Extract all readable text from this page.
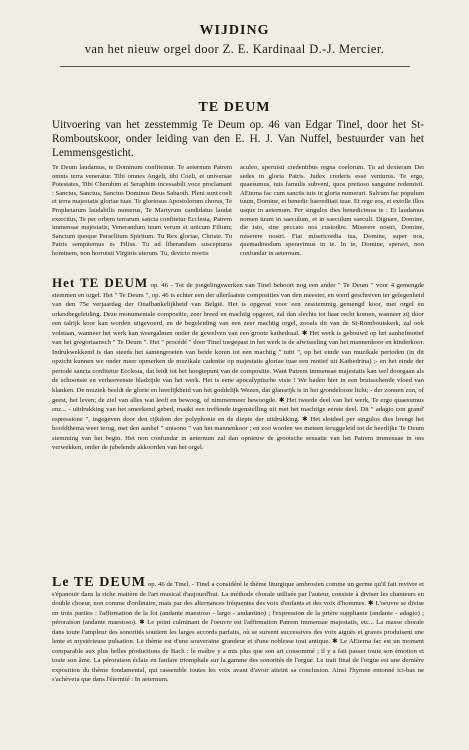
WIJDING
van het nieuw orgel door Z. E. Kardinaal D.-J. Mercier.
TE DEUM
Uitvoering van het zesstemmig Te Deum op. 46 van Edgar Tinel, door het St-Romboutskoor, onder leiding van den E. H. J. Van Nuffel, bestuurder van het Lemmensgesticht.
Te Deum laudamus, te Dominum confitemur. Te aeternum Patrem omnis terra veneratur. Tibi omnes Angeli, tibi Coeli, et universae Potestates, Tibi Cherubim et Seraphim incessabili voce proclamant : Sanctus, Sanctus, Sanctus Dominus Deus Sabaoth. Pleni sunt coeli et terra majestatis gloriae tuae. Te gloriosus Apostolorum chorus, Te Prophetarum laudabilis numerus, Te Martyrum candidatus laudat exercitus, Te per orbem terrarum sancta confitetur Ecclesia, Patrem immensae majestatis; Venerandum tuum verum et unicum Filium; Sanctum quoque Paraclitum Spiritum. Tu Rex gloriae, Christe. Tu Patris sempiternus es Filius. Tu ad liberandum suscepturus hominem, non horruisti Virginis uterum. Tu, devicto mortis
aculeo, aperuisti credentibus regna coelorum. Tu ad dexteram Dei sedes in gloria Patris. Judex crederis esse venturus. Te ergo, quaesumus, tuis famulis subveni, quos pretioso sanguine redemisti. AEterna fac cum sanctis tuis in gloria numerari. Salvum fac populum tuum, Domine, et benedic haereditati tuae. Et rege eos, et extolle illos usque in aeternum. Per singulos dies benedicimus te : Et laudamus nomen tuum in saeculum, et in saeculum saeculi. Dignare, Domine, die isto, sine peccato nos custodire. Miserere nostri, Domine, miserere nostri. Fiat misericordia tua, Domine, super nos, quemadmodum speravimus in te. In te, Domine, speravi, non confundar in aeternum.
Het TE DEUM op. 46 - Tot de jongelingswerken van Tinel behoort nog een ander " Te Deum " voor 4 gemengde stemmen en orgel. Het " Te Deum ", op. 46 is echter een der allerlaatste composities van den meester, en werd geschreven ter gelegenheid van den 75e verjaardag der Onafhankelijkheid van België. Het is opgevat voor een zesstemmig gemengd koor, met orgel en orkestbegeleiding. Deze monumentale compositie, zeer breed en machtig opgezet, zal dan slechts tot haar recht komen, wanneer zij door een talrijk koor kan worden uitgevoerd, en de begeleiding van een zeer machtig orgel, zooals dit van de St-Romboutskerk, zal ook volstaan, wanneer het werk kan weergalmen onder de gewelven van een groote kathedraal. ✱ Het werk is gebouwd op het aanhefmotief van het gregoriaansch " Te Deum ". Het " procédé " door Tinel toegepast in het werk is de afwisseling van het mannenkoor en kinderkoor. Indrukwekkend is dan steeds het samengroeien van beide koren tot een machtig " tutti ", op het einde van muzikale perioden (in dit opzicht kunnen we onder meer opmerken de muzikale cadentie op majestatis gloriae tuae een motief uit Kathedrina) ;- en het einde der periode sancta confitetur Ecclesia, dat leidt tot het hoogtepunt van de compositie. Want Patrem immensae majestatis kan wel doorgaan als de schoonste en verheevenste bladzijde van het werk. Het is eene apocalyptische visie ! We baden hier in een bruisschende vloed van klanken. De muziek beeldt de glorie en heerlijkheid van het goddelijk Wezen, dat glansrijk is in het grondelooze licht; - der zonnen zon, of geest, het leven; de ziel van alles wat leeft en bewoog, of nimmermeer bewoogde. ✱ Het tweede deel van het werk, Te ergo quaesumus enz... - uitdrukking van het smeekend gebed, maakt een treffende tegenstelling uit met het machtige eerste deel. Dit " adagio con grand' espressione ", ingegeven door den rijkdom der polyphonie en de diepte der uitdrukking. ✱ Het slotdeel per singulos dies brengt het hoofdthema weer terug, met den aanhef " unisono " van het mannenkoor ; en zoo worden we meteen teruggeleid tot de heerlijke Te Deum stemming van het begin. Het non confundar in aeternum zal dan opnieuw de grootsche sensatie van het Patrem immensae in ons verwekken, onder de jubelende akkoorden van het orgel.
Le TE DEUM op. 46 de Tinel. - Tinel a considéré le thème liturgique ambrosien comme un germe qu'il fait revivre et s'épanouir dans la riche matière de l'art musical d'aujourd'hui. La méthode chorale utilisée par l'auteur, consiste à diviser les chanteurs en double choeur, non comme d'ordinaire, mais par des alternances fréquentes des voix d'enfants et des voix d'hommes. ✱ L'oeuvre se divise en trois parties : l'affirmation de la foi (andante maestoso - largo - andantino) ; l'expression de la prière suppliante (andante - adagio) ; péroraison (andante maestoso). ✱ Le point culminant de l'oeuvre est l'affirmation Patrem immensae majestatis, etc... La masse chorale dans toute l'ampleur des sonorités soutient les larges accords parfaits, où se suivent successives des voix aiguës et graves produisent une lente et mystérieuse pulsation. Le thème est d'une souveraine grandeur et d'une noblesse tout antique. ✱ Le AEterna fac est un moment comparable aux plus belles productions de Bach : le maître y a mis plus que son art consommé ; il y a fait passer toute son émotion et toute son âme. La péroraison éclate en fanfare triomphale sur la gamme des sonorités de l'orgue. Le trait final de l'orgue est une dernière exposition du thème fondamental, qui rassemble toutes les voix avant d'avoir atteint sa conclusion. Ainsi l'hymne entonné ici-bas ne s'achèvera que dans l'éternité : In aeternum.
